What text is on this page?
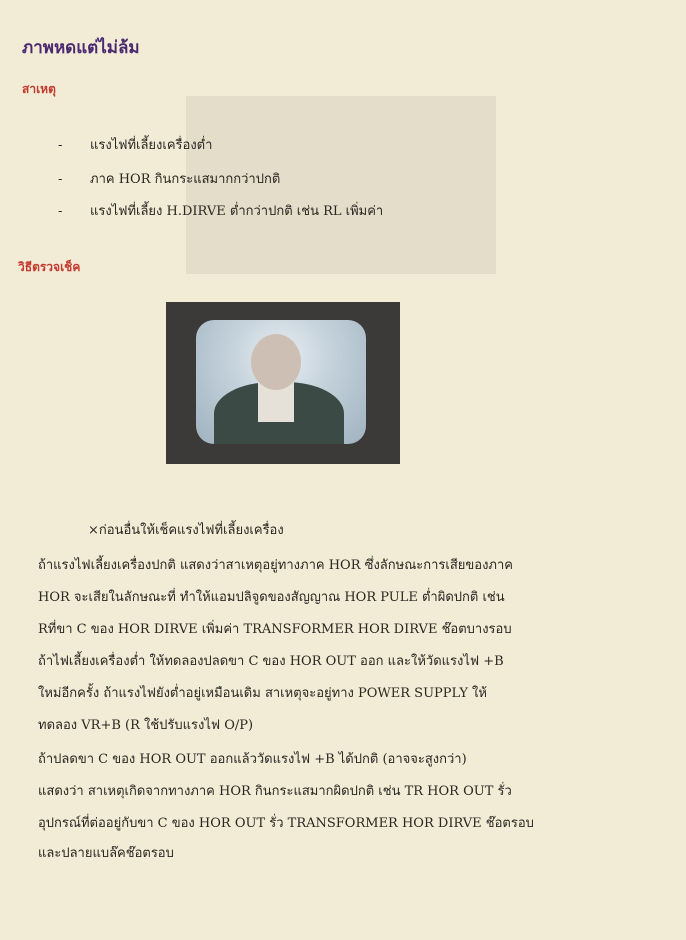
ภาพหดแต่ไม่ล้ม
สาเหตุ
- แรงไฟที่เลี้ยงเครื่องต่ำ
- ภาค HOR กินกระแสมากกว่าปกติ
- แรงไฟที่เลี้ยง H.DIRVE ต่ำกว่าปกติ เช่น RL เพิ่มค่า
วิธีตรวจเช็ค
×ก่อนอื่นให้เช็คแรงไฟที่เลี้ยงเครื่อง
ถ้าแรงไฟเลี้ยงเครื่องปกติ แสดงว่าสาเหตุอยู่ทางภาค HOR ซึ่งลักษณะการเสียของภาค
HOR จะเสียในลักษณะที่ ทำให้แอมปลิจูดของสัญญาณ HOR PULE ต่ำผิดปกติ เช่น
Rที่ขา C ของ HOR DIRVE เพิ่มค่า TRANSFORMER HOR DIRVE ช๊อตบางรอบ
ถ้าไฟเลี้ยงเครื่องต่ำ ให้ทดลองปลดขา C ของ HOR OUT ออก และให้วัดแรงไฟ +B
ใหม่อีกครั้ง ถ้าแรงไฟยังต่ำอยู่เหมือนเดิม สาเหตุจะอยู่ทาง POWER SUPPLY ให้
ทดลอง VR+B (R ใช้ปรับแรงไฟ O/P)
ถ้าปลดขา C ของ HOR OUT ออกแล้ววัดแรงไฟ +B ได้ปกติ (อาจจะสูงกว่า)
แสดงว่า สาเหตุเกิดจากทางภาค HOR กินกระแสมากผิดปกติ เช่น TR HOR OUT รั่ว
อุปกรณ์ที่ต่ออยู่กับขา C ของ HOR OUT รั่ว TRANSFORMER HOR DIRVE ช๊อตรอบ
และปลายแบล๊คช๊อตรอบ
